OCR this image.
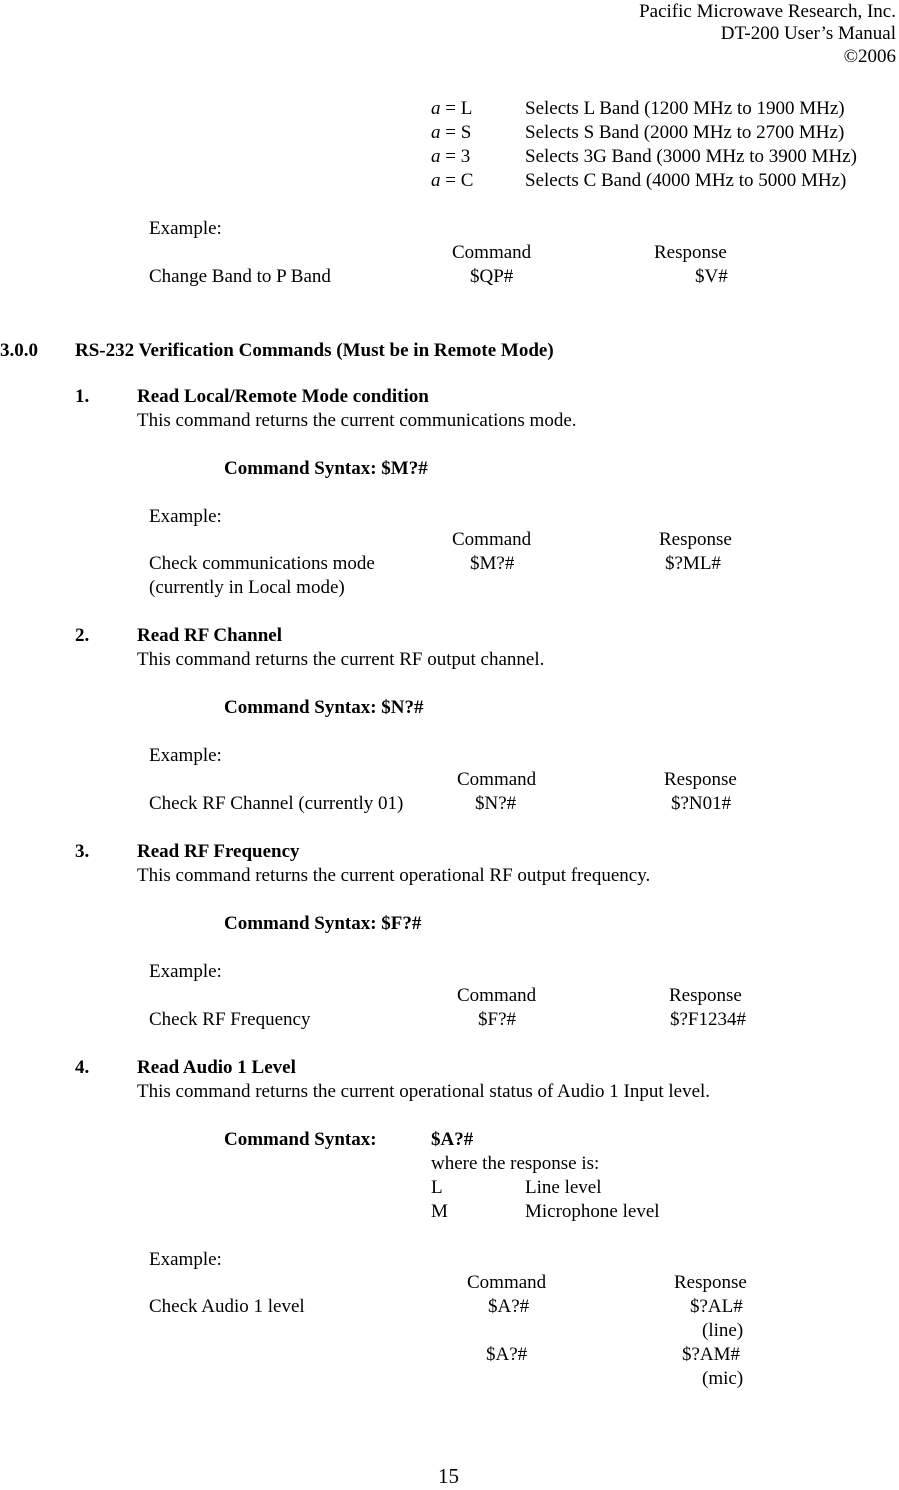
Pacific Microwave Research, Inc.
DT-200 User’s Manual
©2006
a = L	Selects L Band (1200 MHz to 1900 MHz)
a = S	Selects S Band (2000 MHz to 2700 MHz)
a = 3	Selects 3G Band (3000 MHz to 3900 MHz)
a = C	Selects C Band (4000 MHz to 5000 MHz)
Example:
Command	Response
Change Band to P Band	$QP#	$V#
3.0.0 RS-232 Verification Commands (Must be in Remote Mode)
1.	Read Local/Remote Mode condition
This command returns the current communications mode.
Command Syntax: $M?#
Example:
Command	Response
Check communications mode	$M?#	$?ML#
(currently in Local mode)
2.	Read RF Channel
This command returns the current RF output channel.
Command Syntax: $N?#
Example:
Command	Response
Check RF Channel (currently 01)	$N?#	$?N01#
3.	Read RF Frequency
This command returns the current operational RF output frequency.
Command Syntax: $F?#
Example:
Command	Response
Check RF Frequency	$F?#	$?F1234#
4.	Read Audio 1 Level
This command returns the current operational status of Audio 1 Input level.
Command Syntax:	$A?#
where the response is:
L	Line level
M	Microphone level
Example:
Command	Response
Check Audio 1 level	$A?#	$?AL#
(line)
$A?#	$?AM#
(mic)
15
